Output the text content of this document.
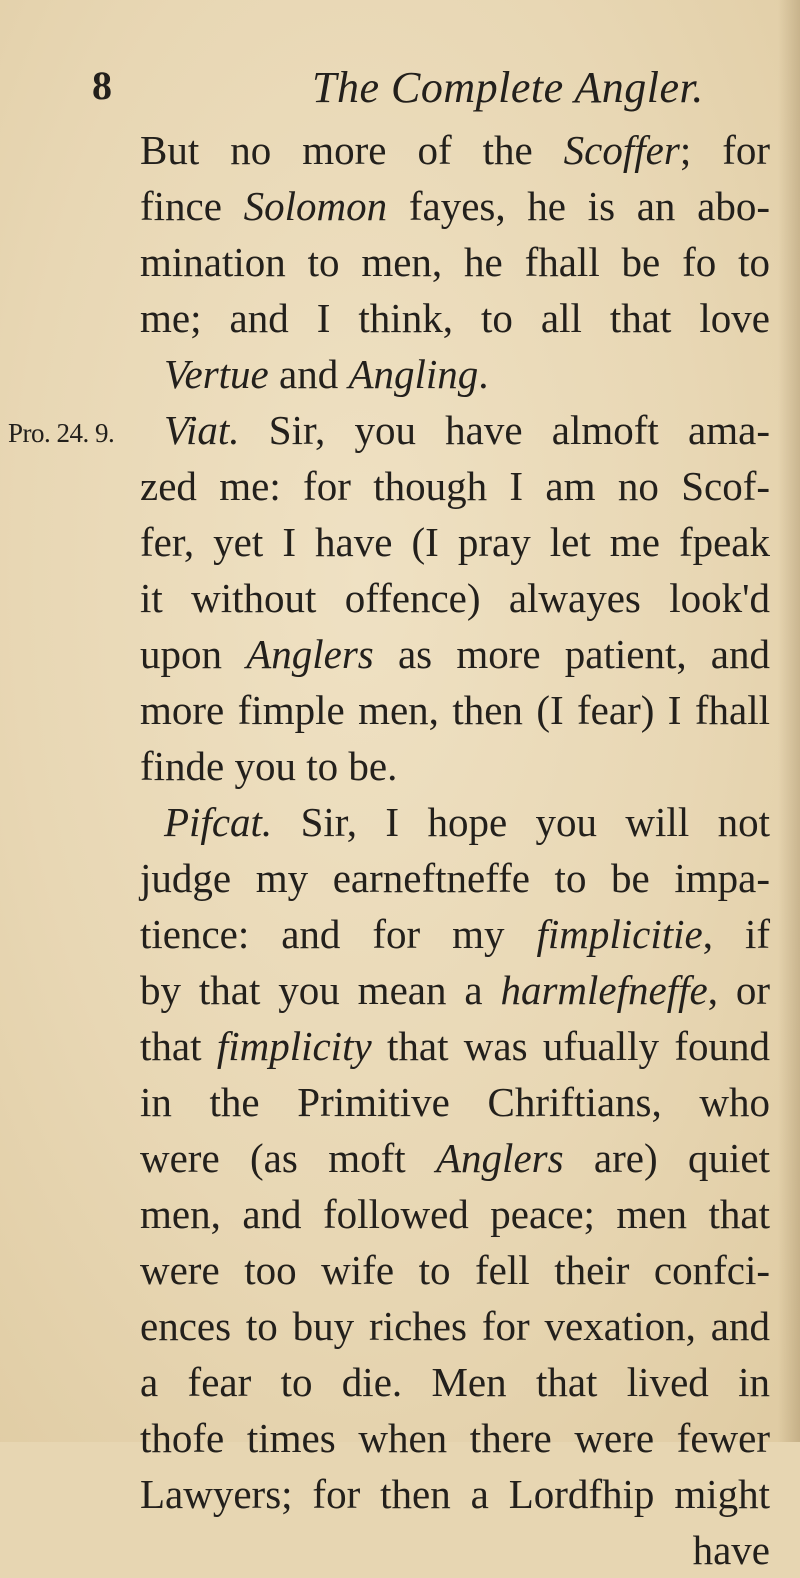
8	The Complete Angler.
Pro. 24. 9.
But no more of the Scoffer; for
fince Solomon fayes, he is an abo-
mination to men, he fhall be fo to
me; and I think, to all that love
Vertue and Angling.
Viat. Sir, you have almoft ama-
zed me: for though I am no Scof-
fer, yet I have (I pray let me fpeak
it without offence) alwayes look'd
upon Anglers as more patient, and
more fimple men, then (I fear) I fhall
finde you to be.
Pifcat. Sir, I hope you will not
judge my earneftneffe to be impa-
tience: and for my fimplicitie, if
by that you mean a harmlefneffe, or
that fimplicity that was ufually found
in the Primitive Chriftians, who
were (as moft Anglers are) quiet
men, and followed peace; men that
were too wife to fell their confci-
ences to buy riches for vexation, and
a fear to die. Men that lived in
thofe times when there were fewer
Lawyers; for then a Lordfhip might
have
